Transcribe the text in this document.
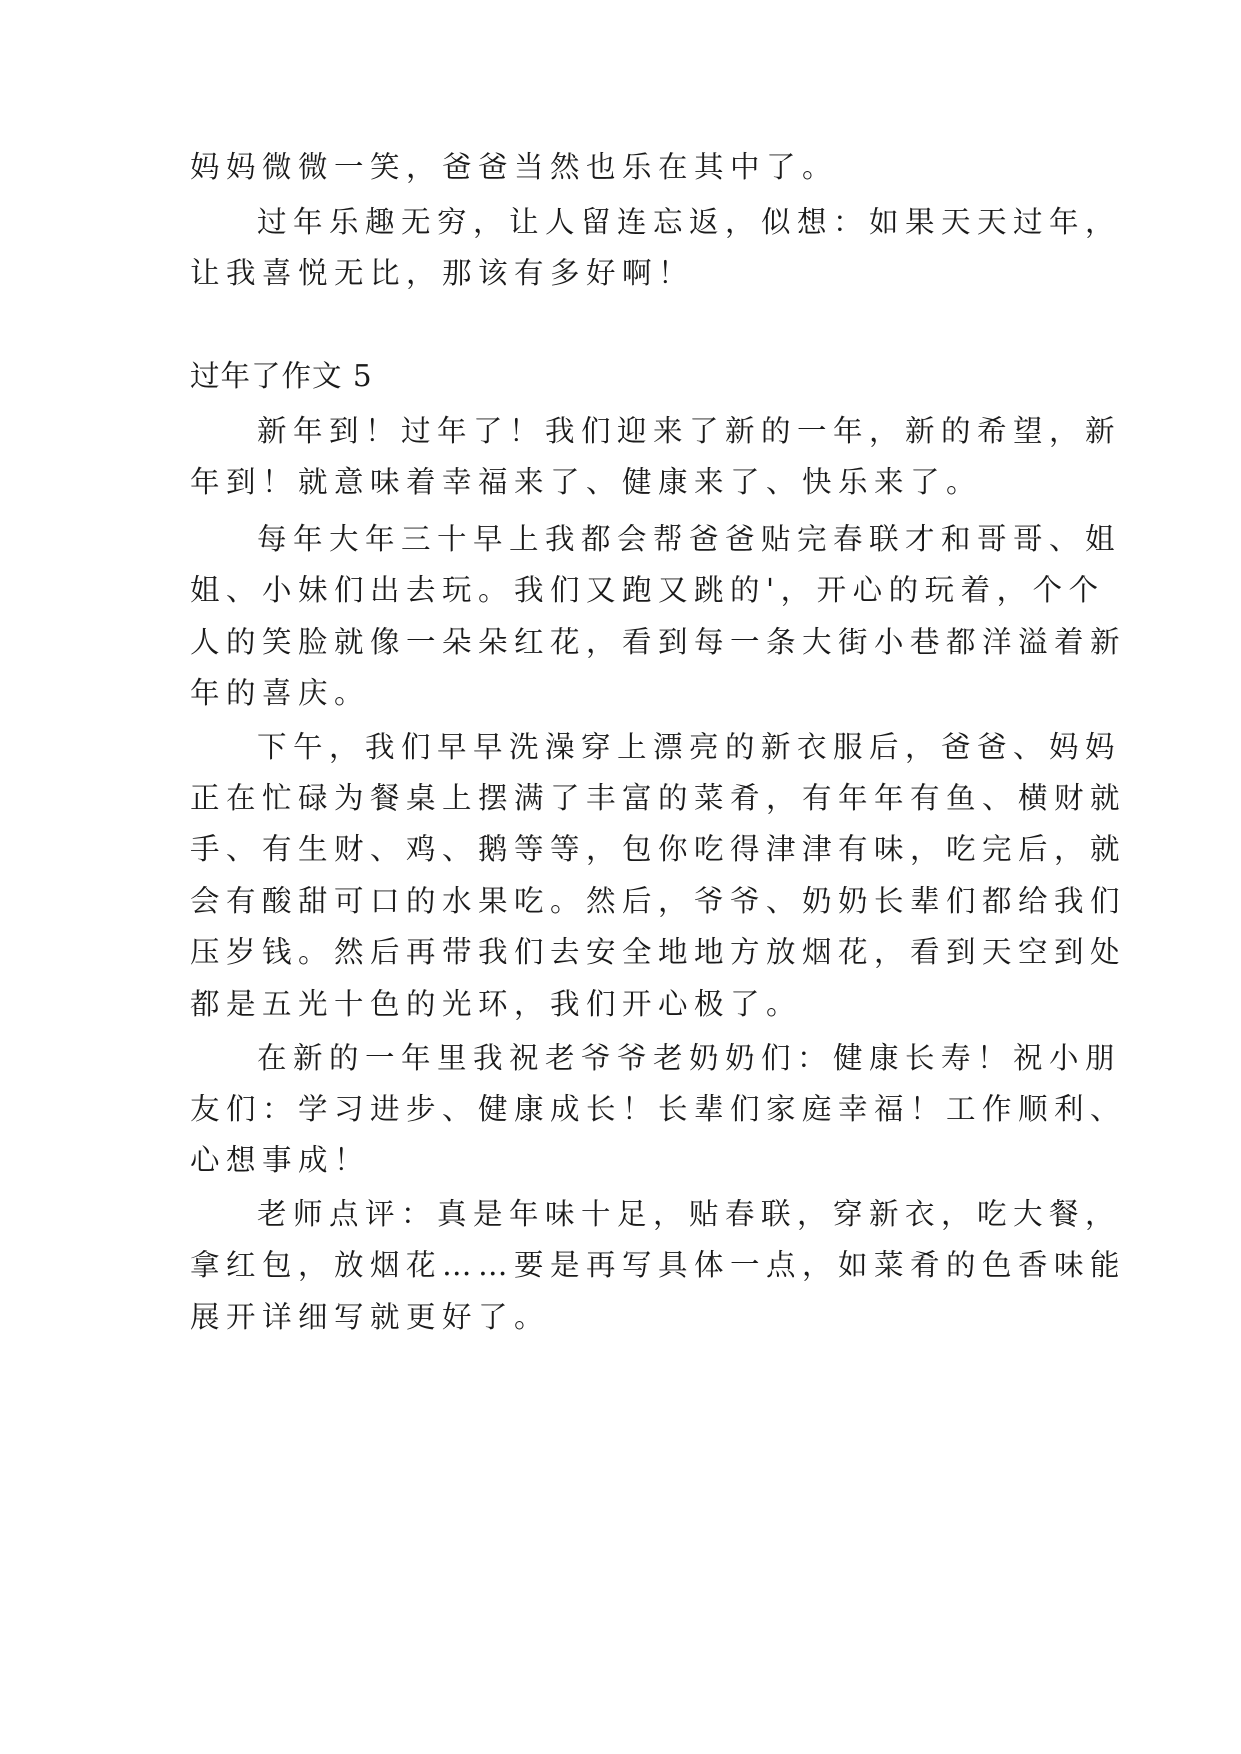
妈妈微微一笑，爸爸当然也乐在其中了。

过年乐趣无穷，让人留连忘返，似想：如果天天过年，

让我喜悦无比，那该有多好啊！

过年了作文 5

新年到！过年了！我们迎来了新的一年，新的希望，新

年到！就意味着幸福来了、健康来了、快乐来了。

每年大年三十早上我都会帮爸爸贴完春联才和哥哥、姐

姐、小妹们出去玩。我们又跑又跳的'，开心的玩着，个个

人的笑脸就像一朵朵红花，看到每一条大街小巷都洋溢着新

年的喜庆。

下午，我们早早洗澡穿上漂亮的新衣服后，爸爸、妈妈

正在忙碌为餐桌上摆满了丰富的菜肴，有年年有鱼、横财就

手、有生财、鸡、鹅等等，包你吃得津津有味，吃完后，就

会有酸甜可口的水果吃。然后，爷爷、奶奶长辈们都给我们

压岁钱。然后再带我们去安全地地方放烟花，看到天空到处

都是五光十色的光环，我们开心极了。

在新的一年里我祝老爷爷老奶奶们：健康长寿！祝小朋

友们：学习进步、健康成长！长辈们家庭幸福！工作顺利、

心想事成！

老师点评：真是年味十足，贴春联，穿新衣，吃大餐，

拿红包，放烟花……要是再写具体一点，如菜肴的色香味能

展开详细写就更好了。
